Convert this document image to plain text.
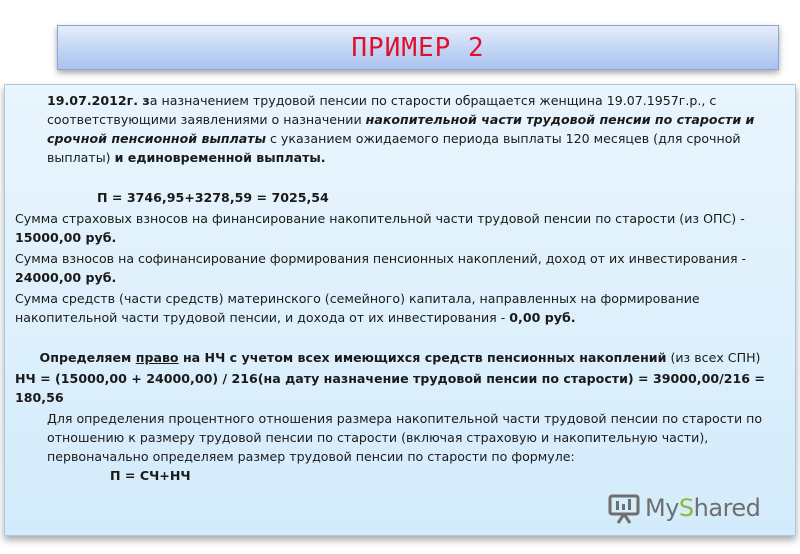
ПРИМЕР 2

19.07.2012г. за назначением трудовой пенсии по старости обращается женщина 19.07.1957г.р., с соответствующими заявлениями о назначении накопительной части трудовой пенсии по старости и срочной пенсионной выплаты с указанием ожидаемого периода выплаты 120 месяцев (для срочной выплаты) и единовременной выплаты.

П = 3746,95+3278,59 = 7025,54

Сумма страховых взносов на финансирование накопительной части трудовой пенсии по старости (из ОПС) - 15000,00 руб.

Сумма взносов на софинансирование формирования пенсионных накоплений, доход от их инвестирования - 24000,00 руб.

Сумма средств (части средств) материнского (семейного) капитала, направленных на формирование накопительной части трудовой пенсии, и дохода от их инвестирования - 0,00 руб.

Определяем право на НЧ с учетом всех имеющихся средств пенсионных накоплений (из всех СПН)

НЧ = (15000,00 + 24000,00) / 216(на дату назначение трудовой пенсии по старости) = 39000,00/216 = 180,56

Для определения процентного отношения размера накопительной части трудовой пенсии по старости по отношению к размеру трудовой пенсии по старости (включая страховую и накопительную части), первоначально определяем размер трудовой пенсии по старости по формуле:

П = СЧ+НЧ

MyShared
